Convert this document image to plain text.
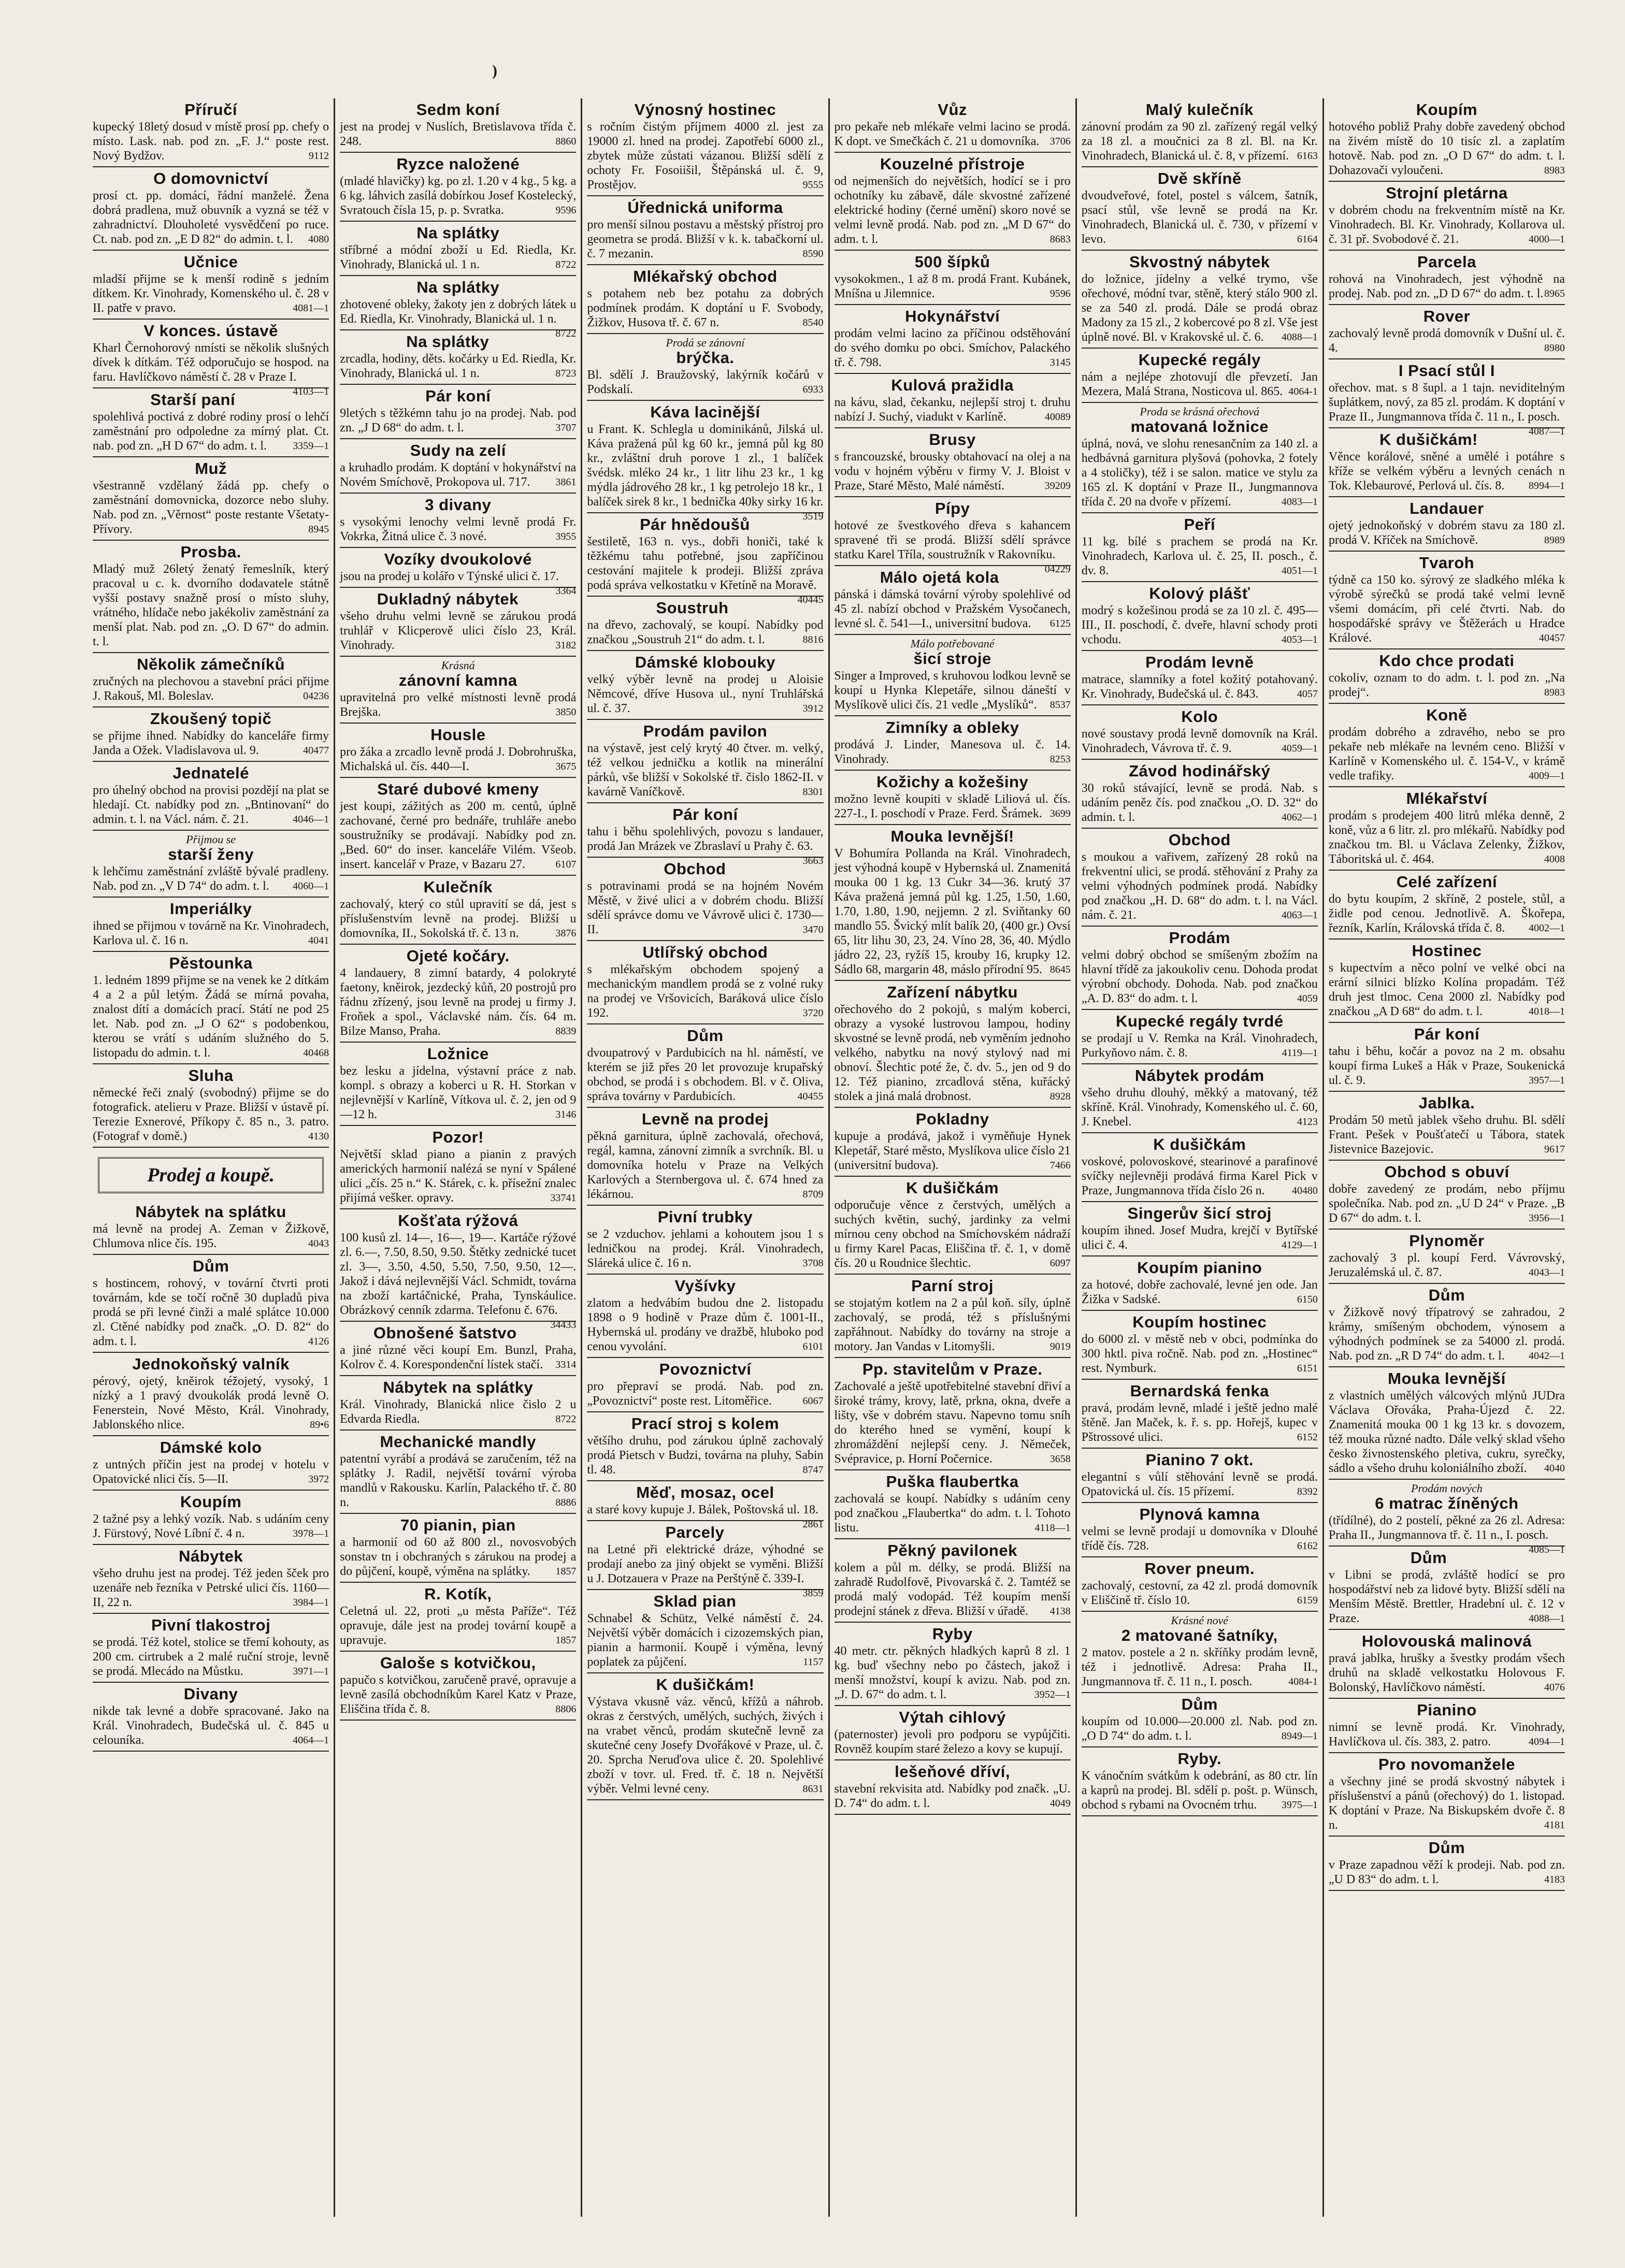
)
Příručí

kupecký 18letý dosud v místě prosí pp. chefy o místo. Lask. nab. pod zn. „F. J.“ poste rest. Nový Bydžov.	9112

O domovnictví

prosí ct. pp. domácí, řádní manželé. Žena dobrá pradlena, muž obuvník a vyzná se též v zahradnictví. Dlouholeté vysvědčení po ruce. Ct. nab. pod zn. „E D 82“ do admin. t. l. 4080

Učnice

mladší přijme se k menší rodině s jedním dítkem. Kr. Vinohrady, Komenského ul. č. 28 v II. patře v pravo.	4081—1

V konces. ústavě

Kharl Černohorový nmísti se několik slušných dívek k dítkám. Též odporučujo se hospod. na faru. Havlíčkovo náměstí č. 28 v Praze I.
4103—1

Starší paní

spolehlivá poctivá z dobré rodiny prosí o lehčí zaměstnání pro odpoledne za mírný plat. Ct. nab. pod zn. „H D 67“ do adm. t. l.	3359—1

Muž

všestranně vzdělaný žádá pp. chefy o zaměstnání domovnicka, dozorce nebo sluhy. Nab. pod zn. „Věrnost“ poste restante Všetaty-Přívory.	8945

Prosba.

Mladý muž 26letý ženatý řemeslník, který pracoval u c. k. dvorního dodavatele státně vyšší postavy snažně prosí o místo sluhy, vrátného, hlídače nebo jakékoliv zaměstnání za menší plat. Nab. pod zn. „O. D 67“ do admin. t. l.

Několik zámečníků

zručných na plechovou a stavební práci přijme J. Rakouš, Ml. Boleslav.	04236

Zkoušený topič

se přijme ihned. Nabídky do kanceláře firmy Janda a Ožek. Vladislavova ul. 9.	40477

Jednatelé

pro úhelný obchod na provisi pozdějí na plat se hledají. Ct. nabídky pod zn. „Bntinovaní“ do admin. t. l. na Václ. nám. č. 21.	4046—1

Přijmou se
starší ženy

k lehčímu zaměstnání zvláště bývalé pradleny. Nab. pod zn. „V D 74“ do adm. t. l. 4060—1

Imperiálky

ihned se přijmou v továrně na Kr. Vinohradech, Karlova ul. č. 16 n.	4041

Pěstounka

1. ledném 1899 přijme se na venek ke 2 dítkám 4 a 2 a půl letým. Žádá se mírná povaha, znalost dítí a domácích prací. Státí ne pod 25 let. Nab. pod zn. „J O 62“ s podobenkou, kterou se vrátí s udáním služného do 5. listopadu do admin. t. l.	40468

Sluha

německé řeči znalý (svobodný) přijme se do fotografick. atelieru v Praze. Bližší v ústavě pí. Terezie Exnerové, Příkopy č. 85 n., 3. patro. (Fotograf v domě.)	4130

Prodej a koupě.
Nábytek na splátku

má levně na prodej A. Zeman v Žižkově, Chlumova nlice čís. 195.	4043

Dům

s hostincem, rohový, v tovární čtvrti proti továrnám, kde se točí ročně 30 dupladů piva prodá se při levné činži a malé splátce 10.000 zl. Ctěné nabídky pod značk. „O. D. 82“ do adm. t. l.	4126

Jednokoňský valník

pérový, ojetý, kněirok téžojetý, vysoký, 1 nízký a 1 pravý dvoukolák prodá levně O. Fenerstein, Nové Město, Král. Vinohrady, Jablonského nlice.	89•6

Dámské kolo

z untných příčin jest na prodej v hotelu v Opatovické nlici čís. 5—II.	3972

Koupím

2 tažné psy a lehký vozík. Nab. s udáním ceny J. Fürstový, Nové Líbní č. 4 n.	3978—1

Nábytek

všeho druhu jest na prodej. Též jeden šček pro uzenáře neb řezníka v Petrské ulici čís. 1160—II, 22 n.	3984—1

Pivní tlakostroj

se prodá. Též kotel, stolice se třemí kohouty, as 200 cm. cirtrubek a 2 malé ruční stroje, levně se prodá. Mlecádo na Můstku.	3971—1

Divany

nikde tak levné a dobře spracované. Jako na Král. Vinohradech, Budečská ul. č. 845 u celouníka.	4064—1

Sedm koní

jest na prodej v Nuslích, Bretislavova třída č. 248.	8860

Ryzce naložené

(mladé hlavičky) kg. po zl. 1.20 v 4 kg., 5 kg. a 6 kg. láhvich zasílá dobírkou Josef Kostelecký, Svratouch čísla 15, p. p. Svratka.	9596

Na splátky

stříbrné a módní zboží u Ed. Riedla, Kr. Vinohrady, Blanická ul. 1 n.	8722

Na splátky

zhotovené obleky, žakoty jen z dobrých látek u Ed. Riedla, Kr. Vinohrady, Blanická ul. 1 n.
8722

Na splátky

zrcadla, hodiny, děts. kočárky u Ed. Riedla, Kr. Vinohrady, Blanická ul. 1 n.	8723

Pár koní

9letých s těžkémn tahu jo na prodej. Nab. pod zn. „J D 68“ do adm. t. l.	3707

Sudy na zelí

a kruhadlo prodám. K doptání v hokynářství na Novém Smíchově, Prokopova ul. 717. 3861

3 divany

s vysokými lenochy velmi levně prodá Fr. Vokrka, Žitná ulice č. 3 nové.	3955

Vozíky dvoukolové

jsou na prodej u kolářo v Týnské ulici č. 17.
3364

Dukladný nábytek

všeho druhu velmi levně se zárukou prodá truhlář v Klicperově ulici číslo 23, Král. Vinohrady.	3182

Krásná
zánovní kamna

upravitelná pro velké místnosti levně prodá Brejška.	3850

Housle

pro žáka a zrcadlo levně prodá J. Dobrohruška, Michalská ul. čís. 440—I.	3675

Staré dubové kmeny

jest koupi, zážitých as 200 m. centů, úplně zachované, černé pro bednáře, truhláře anebo soustružníky se prodávají. Nabídky pod zn. „Bed. 60“ do inser. kanceláře Vilém. Všeob. insert. kancelář v Praze, v Bazaru 27.	6107

Kulečník

zachovalý, který co stůl upravití se dá, jest s příslušenstvím levně na prodej. Bližší u domovníka, II., Sokolská tř. č. 13 n.	3876

Ojeté kočáry.

4 landauery, 8 zimní batardy, 4 polokryté faetony, kněirok, jezdecký kůň, 20 postrojů pro řádnu zřízený, jsou levně na prodej u firmy J. Froňek a spol., Václavské nám. čís. 64 m. Bilze Manso, Praha.	8839

Ložnice

bez lesku a jídelna, výstavní práce z nab. kompl. s obrazy a koberci u R. H. Storkan v nejlevnější v Karlíně, Vítkova ul. č. 2, jen od 9—12 h.	3146

Pozor!

Největší sklad piano a pianin z pravých amerických harmonií nalézá se nyní v Spálené ulici „čís. 25 n.“ K. Stárek, c. k. přísežní znalec přijímá vešker. opravy.	33741

Košťata rýžová

100 kusů zl. 14—, 16—, 19—. Kartáče rýžové zl. 6.—, 7.50, 8.50, 9.50. Štětky zednické tucet zl. 3—, 3.50, 4.50, 5.50, 7.50, 9.50, 12—. Jakož i dává nejlevnější Václ. Schmidt, továrna na zboží kartáčnické, Praha, Tynskáulice. Obrázkový cenník zdarma. Telefonu č. 676.
34433

Obnošené šatstvo

a jiné různé věci koupí Em. Bunzl, Praha, Kolrov č. 4. Korespondenční lístek stačí. 3314

Nábytek na splátky

Král. Vinohrady, Blanická nlice čislo 2 u Edvarda Riedla.	8722

Mechanické mandly

patentní vyrábí a prodává se zaručením, též na splátky J. Radil, největší tovární výroba mandlů v Rakousku. Karlín, Palackého tř. č. 80 n.	8886

70 pianin, pian

a harmonií od 60 až 800 zl., novosvobých sonstav tn i obchraných s zárukou na prodej a do půjčení, koupě, výměna na splátky. 1857

R. Kotík,

Celetná ul. 22, proti „u města Paříže“. Též opravuje, dále jest na prodej tovární koupě a upravuje.	1857

Galoše s kotvičkou,

papučo s kotvičkou, zaručeně pravé, opravuje a levně zasílá obchodníkům Karel Katz v Praze, Eliščina třída č. 8.	8806

Výnosný hostinec

s ročním čistým příjmem 4000 zl. jest za 19000 zl. hned na prodej. Zapotřebí 6000 zl., zbytek může zůstati vázanou. Bližší sdělí z ochoty Fr. Fosoiišil, Štěpánská ul. č. 9, Prostějov.	9555

Úřednická uniforma

pro menší silnou postavu a městský přístroj pro geometra se prodá. Bližší v k. k. tabačkorní ul. č. 7 mezanin.	8590

Mlékařský obchod

s potahem neb bez potahu za dobrých podmínek prodám. K doptání u F. Svobody, Žižkov, Husova tř. č. 67 n.	8540

Prodá se zánovní
brýčka.

Bl. sdělí J. Braužovský, lakýrník kočárů v Podskalí.	6933

Káva lacinější

u Frant. K. Schlegla u dominikánů, Jilská ul. Káva pražená půl kg 60 kr., jemná půl kg 80 kr., zvláštní druh porove 1 zl., 1 balíček švédsk. mléko 24 kr., 1 litr lihu 23 kr., 1 kg mýdla jádrového 28 kr., 1 kg petrolejo 18 kr., 1 balíček sirek 8 kr., 1 bednička 40ky sirky 16 kr.
3519

Pár hnědoušů

šestiletě, 163 n. vys., dobři honiči, také k těžkému tahu potřebné, jsou zapříčinou cestování majitele k prodeji. Bližší zpráva podá správa velkostatku v Křetíně na Moravě.
40445

Soustruh

na dřevo, zachovalý, se koupí. Nabídky pod značkou „Soustruh 21“ do adm. t. l.	8816

Dámské klobouky

velký výběr levně na prodej u Aloisie Němcové, dříve Husova ul., nyní Truhlářská ul. č. 37.	3912

Prodám pavilon

na výstavě, jest celý krytý 40 čtver. m. velký, též velkou jedničku a kotlik na minerální párků, vše bližší v Sokolské tř. čislo 1862-II. v kavárně Vaníčkově.	8301

Pár koní

tahu i běhu spolehlivých, povozu s landauer, prodá Jan Mrázek ve Zbraslaví u Prahy č. 63.
3663

Obchod

s potravinami prodá se na hojném Novém Městě, v živé ulici a v dobrém chodu. Bližší sdělí správce domu ve Vávrově ulici č. 1730—II.	3470

Utlířský obchod

s mlékařským obchodem spojený a mechanickým mandlem prodá se z volné ruky na prodej ve Vršovicích, Baráková ulice číslo 192.	3720

Dům

dvoupatrový v Pardubicích na hl. náměstí, ve kterém se již přes 20 let provozuje krupařský obchod, se prodá i s obchodem. Bl. v č. Oliva, správa továrny v Pardubicích.	40455

Levně na prodej

pěkná garnitura, úplně zachovalá, ořechová, regál, kamna, zánovní zimník a svrchník. Bl. u domovníka hotelu v Praze na Velkých Karlových a Sternbergova ul. č. 674 hned za lékárnou.	8709

Pivní trubky

se 2 vzduchov. jehlami a kohoutem jsou 1 s ledničkou na prodej. Král. Vinohradech, Sláreká ulice č. 16 n.	3708

Vyšívky

zlatom a hedvábím budou dne 2. listopadu 1898 o 9 hodině v Praze dům č. 1001-II., Hybernská ul. prodány ve dražbě, hluboko pod cenou vyvolání.	6101

Povoznictví

pro přepraví se prodá. Nab. pod zn. „Povoznictví“ poste rest. Litoměřice.	6067

Prací stroj s kolem

většího druhu, pod zárukou úplně zachovalý prodá Pietsch v Budzi, továrna na pluhy, Sabin tl. 48.	8747

Měď, mosaz, ocel

a staré kovy kupuje J. Bálek, Poštovská ul. 18.
2861

Parcely

na Letné při elektrické dráze, výhodné se prodají anebo za jiný objekt se vyměni. Bližší u J. Dotzauera v Praze na Perštýně č. 339-I.
3859

Sklad pian

Schnabel & Schütz, Velké náměstí č. 24. Největší výběr domácích i cizozemských pian, pianin a harmonií. Koupě i výměna, levný poplatek za půjčení.	1157

K dušičkám!

Výstava vkusně váz. věnců, křížů a náhrob. okras z čerstvých, umělých, suchých, živých i na vrabet věnců, prodám skutečně levně za skutečné ceny Josefy Dvořákové v Praze, ul. č. 20. Sprcha Neruďova ulice č. 20. Spolehlivé zboží v tovr. ul. Fred. tř. č. 18 n. Největší výběr. Velmi levné ceny.	8631

Vůz

pro pekaře neb mlékaře velmi lacino se prodá. K dopt. ve Smečkách č. 21 u domovníka. 3706

Kouzelné přístroje

od nejmenších do největších, hodící se i pro ochotníky ku zábavě, dále skvostné zařízené elektrické hodiny (černé umění) skoro nové se velmi levně prodá. Nab. pod zn. „M D 67“ do adm. t. l.	8683

500 šípků

vysokokmen., 1 až 8 m. prodá Frant. Kubánek, Mníšna u Jilemnice.	9596

Hokynářství

prodám velmi lacino za příčinou odstěhování do svého domku po obci. Smíchov, Palackého tř. č. 798.	3145

Kulová pražidla

na kávu, slad, čekanku, nejlepší stroj t. druhu nabízí J. Suchý, viadukt v Karlíně.	40089

Brusy

s francouzské, brousky obtahovací na olej a na vodu v hojném výběru v firmy V. J. Bloist v Praze, Staré Město, Malé náměstí.	39209

Pípy

hotové ze švestkového dřeva s kahancem spravené tři se prodá. Bližší sdělí správce statku Karel Tříla, soustružník v Rakovníku.
04229

Málo ojetá kola

pánská i dámská tovární výroby spolehlivé od 45 zl. nabízí obchod v Pražském Vysočanech, levné sl. č. 541—I., universitní budova. 6125

Málo potřebované
šicí stroje

Singer a Improved, s kruhovou lodkou levně se koupí u Hynka Klepetáře, silnou dáneští v Myslíkově ulici čís. 21 vedle „Myslíků“. 8537

Zimníky a obleky

prodává J. Linder, Manesova ul. č. 14. Vinohrady.	8253

Kožichy a kožešiny

možno levně koupiti v skladě Liliová ul. čís. 227-I., I. poschodí v Praze. Ferd. Šrámek. 3699

Mouka levnější!

V Bohumíra Pollanda na Král. Vinohradech, jest výhodná koupě v Hybernská ul. Znamenitá mouka 00 1 kg. 13 Cukr 34—36. krutý 37 Káva pražená jemná půl kg. 1.25, 1.50, 1.60, 1.70, 1.80, 1.90, nejjemn. 2 zl. Sviňtanky 60 mandlo 55. Švický mlít balík 20, (400 gr.) Ovsí 65, litr lihu 30, 23, 24. Víno 28, 36, 40. Mýdlo jádro 22, 23, ryžíš 15, krouby 16, krupky 12. Sádlo 68, margarin 48, máslo přírodní 95. 8645

Zařízení nábytku

ořechového do 2 pokojů, s malým koberci, obrazy a vysoké lustrovou lampou, hodiny skvostné se levně prodá, neb vyměním jednoho velkého, nabytku na nový stylový nad mi obnoví. Šlechtic poté že, č. dv. 5., jen od 9 do 12. Též pianino, zrcadlová stěna, kuřácký stolek a jiná malá drobnost.	8928

Pokladny

kupuje a prodává, jakož i vyměňuje Hynek Klepetář, Staré město, Myslíkova ulice číslo 21 (universitní budova).	7466

K dušičkám

odporučuje věnce z čerstvých, umělých a suchých květin, suchý, jardinky za velmi mírnou ceny obchod na Smíchovském nádraží u firmy Karel Pacas, Eliščina tř. č. 1, v domě čís. 20 u Roudnice šlechtic.	6097

Parní stroj

se stojatým kotlem na 2 a půl koň. síly, úplně zachovalý, se prodá, též s příslušnými zapřáhnout. Nabídky do továrny na stroje a motory. Jan Vandas v Litomyšli.	9019

Pp. stavitelům v Praze.

Zachovalé a ještě upotřebitelné stavební dřiví a široké trámy, krovy, latě, prkna, okna, dveře a lišty, vše v dobrém stavu. Napevno tomu sníh do kterého hned se vymění, koupí k zhromáždění nejlepší ceny. J. Němeček, Svépravice, p. Horní Počernice.	3658

Puška flaubertka

zachovalá se koupí. Nabídky s udáním ceny pod značkou „Flaubertka“ do adm. t. l. Tohoto listu.	4118—1

Pěkný pavilonek

kolem a půl m. délky, se prodá. Bližší na zahradě Rudolfově, Pivovarská č. 2. Tamtéž se prodá malý vodopád. Též koupím menší prodejní stánek z dřeva. Bližší v úřadě. 4138

Ryby

40 metr. ctr. pěkných hladkých kaprů 8 zl. 1 kg. buď všechny nebo po částech, jakož i menší množství, koupí k avizu. Nab. pod zn. „J. D. 67“ do adm. t. l.	3952—1

Výtah cihlový

(paternoster) jevoli pro podporu se vypůjčiti. Rovněž koupím staré železo a kovy se kupují.

lešeňové dříví,

stavební rekvisita atd. Nabídky pod značk. „U. D. 74“ do adm. t. l.	4049

Malý kulečník

zánovní prodám za 90 zl. zařízený regál velký za 18 zl. a moučnici za 8 zl. Bl. na Kr. Vinohradech, Blanická ul. č. 8, v přízemí. 6163

Dvě skříně

dvoudveřové, fotel, postel s válcem, šatník, psací stůl, vše levně se prodá na Kr. Vinohradech, Blanická ul. č. 730, v přízemí v levo.	6164

Skvostný nábytek

do ložnice, jídelny a velké trymo, vše ořechové, módní tvar, stěně, který stálo 900 zl. se za 540 zl. prodá. Dále se prodá obraz Madony za 15 zl., 2 kobercové po 8 zl. Vše jest úplně nové. Bl. v Krakovské ul. č. 6. 4088—1

Kupecké regály

nám a nejlépe zhotovují dle převzetí. Jan Mezera, Malá Strana, Nosticova ul. 865. 4064-1

Proda se krásná ořechová
matovaná ložnice

úplná, nová, ve slohu renesančním za 140 zl. a hedbávná garnitura plyšová (pohovka, 2 fotely a 4 stoličky), též i se salon. matice ve stylu za 165 zl. K doptání v Praze II., Jungmannova třída č. 20 na dvoře v přízemí.	4083—1

Peří

11 kg. bílé s prachem se prodá na Kr. Vinohradech, Karlova ul. č. 25, II. posch., č. dv. 8.	4051—1

Kolový plášť

modrý s kožešinou prodá se za 10 zl. č. 495—III., II. poschodí, č. dveře, hlavní schody proti vchodu.	4053—1

Prodám levně

matrace, slamníky a fotel kožitý potahovaný. Kr. Vinohrady, Budečská ul. č. 843.	4057

Kolo

nové soustavy prodá levně domovník na Král. Vinohradech, Vávrova tř. č. 9.	4059—1

Závod hodinářský

30 roků stávající, levně se prodá. Nab. s udáním peněz čís. pod značkou „O. D. 32“ do admin. t. l.	4062—1

Obchod

s moukou a vařivem, zařízený 28 roků na frekventní ulici, se prodá. stěhování z Prahy za velmi výhodných podmínek prodá. Nabídky pod značkou „H. D. 68“ do adm. t. l. na Václ. nám. č. 21.	4063—1

Prodám

velmi dobrý obchod se smíšeným zbožím na hlavní třídě za jakoukoliv cenu. Dohoda prodat výrobní obchody. Dohoda. Nab. pod značkou „A. D. 83“ do adm. t. l.	4059

Kupecké regály tvrdé

se prodají u V. Remka na Král. Vinohradech, Purkyňovo nám. č. 8.	4119—1

Nábytek prodám

všeho druhu dlouhý, měkký a matovaný, též skříně. Král. Vinohrady, Komenského ul. č. 60, J. Knebel.	4123

K dušičkám

voskové, polovoskové, stearinové a parafinové svíčky nejlevněji prodává firma Karel Pick v Praze, Jungmannova třída číslo 26 n.	40480

Singerův šicí stroj

koupím ihned. Josef Mudra, krejčí v Bytířské ulici č. 4.	4129—1

Koupím pianino

za hotové, dobře zachovalé, levné jen ode. Jan Žižka v Sadské.	6150

Koupím hostinec

do 6000 zl. v městě neb v obci, podmínka do 300 hktl. piva ročně. Nab. pod zn. „Hostinec“ rest. Nymburk.	6151

Bernardská fenka

pravá, prodám levně, mladé i ještě jedno malé štěně. Jan Maček, k. ř. s. pp. Hořejš, kupec v Pštrossové ulici.	6152

Pianino 7 okt.

elegantní s vůlí stěhování levně se prodá. Opatovická ul. čís. 15 přízemí.	8392

Plynová kamna

velmi se levně prodají u domovníka v Dlouhé třídě čís. 728.	6162

Rover pneum.

zachovalý, cestovní, za 42 zl. prodá domovník v Eliščině tř. číslo 10.	6159

Krásné nové
2 matované šatníky,

2 matov. postele a 2 n. skříňky prodám levně, též i jednotlivě. Adresa: Praha II., Jungmannova tř. č. 11 n., I. posch.	4084-1

Dům

koupím od 10.000—20.000 zl. Nab. pod zn. „O D 74“ do adm. t. l.	8949—1

Ryby.

K vánočním svátkům k odebrání, as 80 ctr. lín a kaprů na prodej. Bl. sdělí p. pošt. p. Wünsch, obchod s rybami na Ovocném trhu. 3975—1

Koupím

hotového pobliž Prahy dobře zavedený obchod na živém místě do 10 tisíc zl. a zaplatím hotově. Nab. pod zn. „O D 67“ do adm. t. l. Dohazovači vyloučeni.	8983

Strojní pletárna

v dobrém chodu na frekventním místě na Kr. Vinohradech. Bl. Kr. Vinohrady, Kollarova ul. č. 31 př. Svobodové č. 21.	4000—1

Parcela

rohová na Vinohradech, jest výhodně na prodej. Nab. pod zn. „D D 67“ do adm. t. l. 8965

Rover

zachovalý levně prodá domovník v Dušní ul. č. 4.	8980

I Psací stůl I

ořechov. mat. s 8 šupl. a 1 tajn. neviditelným šuplátkem, nový, za 85 zl. prodám. K doptání v Praze II., Jungmannova třída č. 11 n., I. posch.
4087—1

K dušičkám!

Věnce korálové, sněné a umělé i potáhre s kříže se velkém výběru a levných cenách n Tok. Klebaurové, Perlová ul. čís. 8. 8994—1

Landauer

ojetý jednokoňský v dobrém stavu za 180 zl. prodá V. Kříček na Smíchově.	8989

Tvaroh

týdně ca 150 ko. sýrový ze sladkého mléka k výrobě sýrečků se prodá také velmi levně všemi domácím, při celé čtvrti. Nab. do hospodářské správy ve Štěžerách u Hradce Králové.	40457

Kdo chce prodati

cokoliv, oznam to do adm. t. l. pod zn. „Na prodej“.	8983

Koně

prodám dobrého a zdravého, nebo se pro pekaře neb mlékaře na levném ceno. Bližší v Karlíně v Komenského ul. č. 154-V., v krámě vedle trafiky.	4009—1

Mlékařství

prodám s prodejem 400 litrů mléka denně, 2 koně, vůz a 6 litr. zl. pro mlékařů. Nabídky pod značkou tm. Bl. u Václava Zelenky, Žižkov, Táboritská ul. č. 464.	4008

Celé zařízení

do bytu koupím, 2 skříně, 2 postele, stůl, a židle pod cenou. Jednotlivě. A. Škořepa, řezník, Karlín, Královská třída č. 8. 4002—1

Hostinec

s kupectvím a něco polní ve velké obci na erární silnici blízko Kolína propadám. Též druh jest tlmoc. Cena 2000 zl. Nabídky pod značkou „A D 68“ do adm. t. l.	4018—1

Pár koní

tahu i běhu, kočár a povoz na 2 m. obsahu koupí firma Lukeš a Hák v Praze, Soukenická ul. č. 9.	3957—1

Jablka.

Prodám 50 metů jablek všeho druhu. Bl. sdělí Frant. Pešek v Poušťatečí u Tábora, statek Jistevnice Bazejovic.	9617

Obchod s obuví

dobře zavedený ze prodám, nebo příjmu společníka. Nab. pod zn. „U D 24“ v Praze. „B D 67“ do adm. t. l.	3956—1

Plynoměr

zachovalý 3 pl. koupí Ferd. Vávrovský, Jeruzalémská ul. č. 87.	4043—1

Dům

v Žižkově nový třípatrový se zahradou, 2 krámy, smíšeným obchodem, výnosem a výhodných podmínek se za 54000 zl. prodá. Nab. pod zn. „R D 74“ do adm. t. l. 4042—1

Mouka levnější

z vlastních umělých válcových mlýnů JUDra Václava Ořováka, Praha-Újezd č. 22. Znamenitá mouka 00 1 kg 13 kr. s dovozem, též mouka různé nadto. Dále velký sklad všeho česko živnostenského pletiva, cukru, syrečky, sádlo a všeho druhu koloniálního zboží. 4040

Prodám nových
6 matrac žíněných

(třídílné), do 2 postelí, pěkné za 26 zl. Adresa: Praha II., Jungmannova tř. č. 11 n., I. posch.
4085—1

Dům

v Libni se prodá, zvláště hodící se pro hospodářství neb za lidové byty. Bližší sdělí na Menším Městě. Brettler, Hradební ul. č. 12 v Praze.	4088—1

Holovouská malinová

pravá jablka, hrušky a švestky prodám všech druhů na skladě velkostatku Holovous F. Bolonský, Havlíčkovo náměstí.	4076

Pianino

nimní se levně prodá. Kr. Vinohrady, Havlíčkova ul. čís. 383, 2. patro.	4094—1

Pro novomanžele

a všechny jiné se prodá skvostný nábytek i příslušenství a pánů (ořechový) do 1. listopad. K doptání v Praze. Na Biskupském dvoře č. 8 n.	4181

Dům

v Praze zapadnou věží k prodeji. Nab. pod zn. „U D 83“ do adm. t. l.	4183
